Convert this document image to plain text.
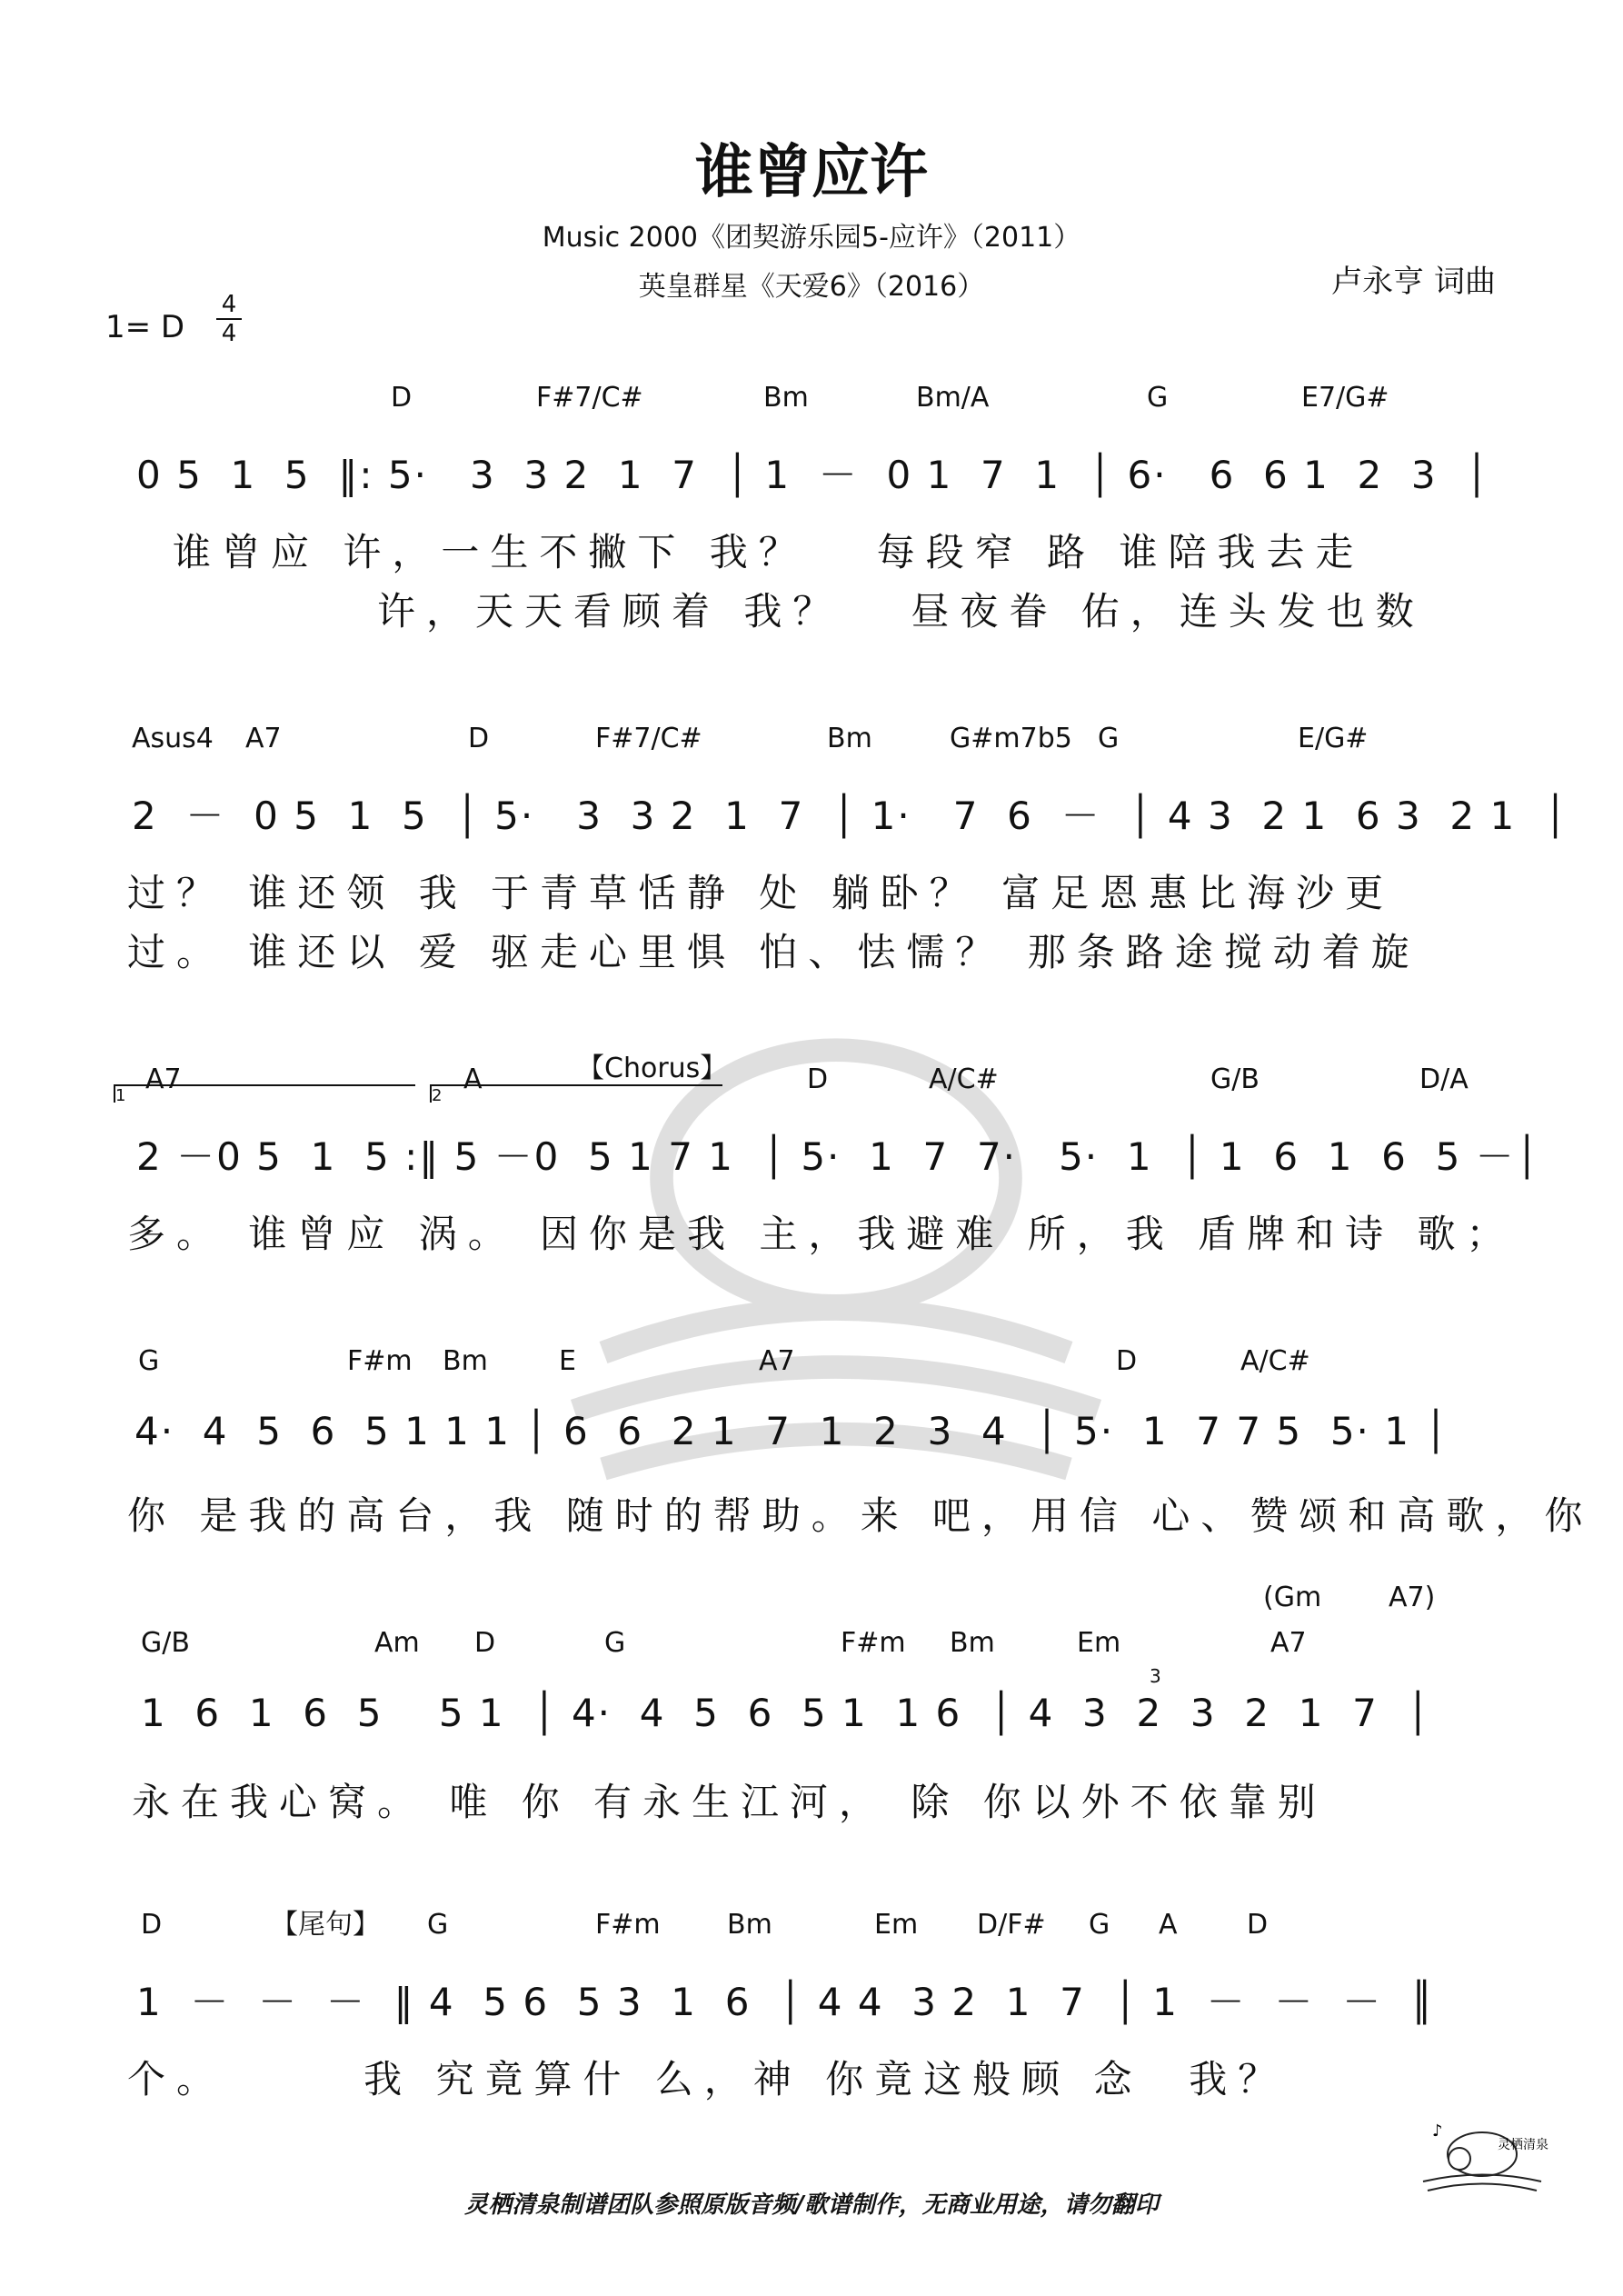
谁曾应许
Music 2000《团契游乐园5-应许》（2011）
英皇群星《天爱6》（2016）	卢永亨 词曲
1= D
4
4
D	F#7/C#	Bm	Bm/A	G	E7/G#
0 5  1  5  ‖: 5·   3  3 2  1  7  │ 1  －  0 1  7  1  │ 6·   6  6 1  2  3  │
谁曾应 许，一生不撇下 我？   每段窄 路 谁陪我去走
许，天天看顾着 我？   昼夜眷 佑，连头发也数
Asus4 A7	D	F#7/C#	Bm	G#m7b5 G	E/G#
2  －  0 5  1  5  │ 5·   3  3 2  1  7  │ 1·   7  6  －  │ 4 3  2 1  6 3  2 1  │
过？ 谁还领 我 于青草恬静 处 躺卧？ 富足恩惠比海沙更
过。 谁还以 爱 驱走心里惧 怕、怯懦？ 那条路途搅动着旋
1	2
A7	A	【Chorus】	D	A/C#	G/B	D/A
2 －0 5  1  5 :‖ 5 －0  5 1 7 1  │ 5·  1  7  7·   5·  1  │ 1  6  1  6  5 －│
多。 谁曾应 涡。 因你是我 主，我避难 所，我 盾牌和诗 歌；
G	F#m Bm	E	A7	D	A/C#
4·  4  5  6  5 1 1 1 │ 6  6  2 1  7  1  2  3  4  │ 5·  1  7 7 5  5· 1 │
你 是我的高台，我 随时的帮助。来 吧，用信 心、赞颂和高歌，你
(Gm A7)
G/B	Am D	G	F#m Bm	Em	A7
3
1  6  1  6  5    5 1  │ 4·  4  5  6  5 1  1 6  │ 4  3  2  3  2  1  7  │
永在我心窝。 唯 你 有永生江河， 除 你以外不依靠别
D	【尾句】 G	F#m Bm	Em D/F# G A	D
1  －  －  －  ‖ 4  5 6  5 3  1  6  │ 4 4  3 2  1  7  │ 1  －  －  －  ║
个。      我 究竟算什 么，神 你竟这般顾 念  我？
灵栖清泉制谱团队参照原版音频/歌谱制作，无商业用途，请勿翻印
♪
灵栖清泉
